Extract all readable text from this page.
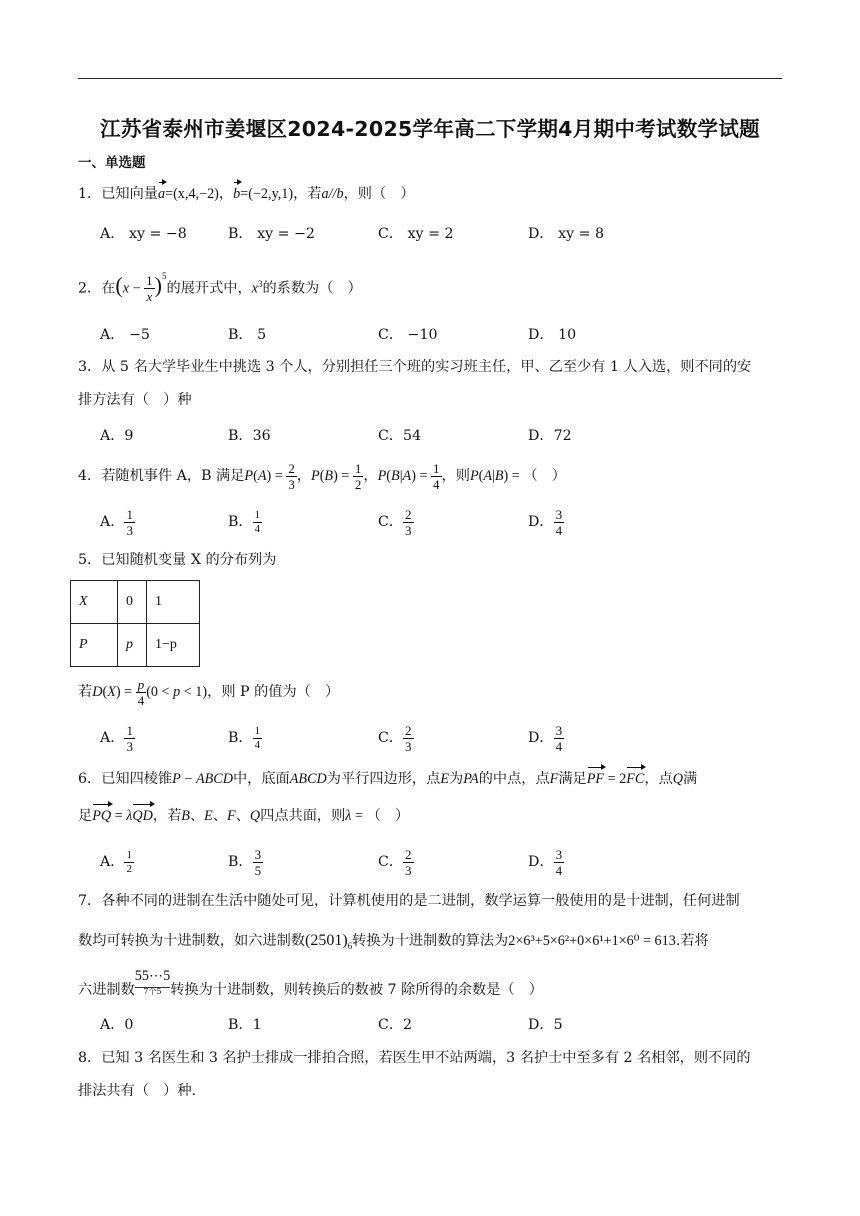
江苏省泰州市姜堰区2024-2025学年高二下学期4月期中考试数学试题
一、单选题
1．已知向量a=(x,4,−2)，b=(−2,y,1)，若a//b，则（　）
A． xy = −8	B． xy = −2	C． xy = 2	D． xy = 8
2．在$(x - \frac{1}{x} )^5$的展开式中，$x^3$的系数为（　）
A． −5	B． 5	C． −10	D． 10
3．从 5 名大学毕业生中挑选 3 个人，分别担任三个班的实习班主任，甲、乙至少有 1 人入选，则不同的安
排方法有（　）种
A．9	B．36	C．54	D．72
4．若随机事件 A，B 满足$P(A) = \frac{2}{3}$ ，$P(B) = \frac{1}{2}$ ，$P(B|A) = \frac{1}{4}$ ，则P(A|B) = （　）
A． $\frac{1}{3}$	B． $\frac{1}{4}$	C． $\frac{2}{3}$	D． $\frac{3}{4}$
5．已知随机变量 X 的分布列为
X	0	1
P	p	1−p
若$D(X) = \frac{p}{4} (0 < p < 1)$，则 P 的值为（　）
A． $\frac{1}{3}$	B． $\frac{1}{4}$	C． $\frac{2}{3}$	D． $\frac{3}{4}$
6．已知四棱锥P − ABCD中，底面ABCD为平行四边形，点E为PA的中点，点F满足PF = 2FC，点Q满
足PQ = λQD，若B、E、F、Q四点共面，则λ = （　）
A． $\frac{1}{2}$	B． $\frac{3}{5}$	C． $\frac{2}{3}$	D． $\frac{3}{4}$
7．各种不同的进制在生活中随处可见，计算机使用的是二进制，数学运算一般使用的是十进制，任何进制
数均可转换为十进制数，如六进制数$(2501)_6$转换为十进制数的算法为2×6³+5×6²+0×6¹+1×6⁰ = 613.若将
六进制数55⋯5
7个5 转换为十进制数，则转换后的数被 7 除所得的余数是（　）
A．0	B．1	C．2	D．5
8．已知 3 名医生和 3 名护士排成一排拍合照，若医生甲不站两端，3 名护士中至多有 2 名相邻，则不同的
排法共有（　）种.
